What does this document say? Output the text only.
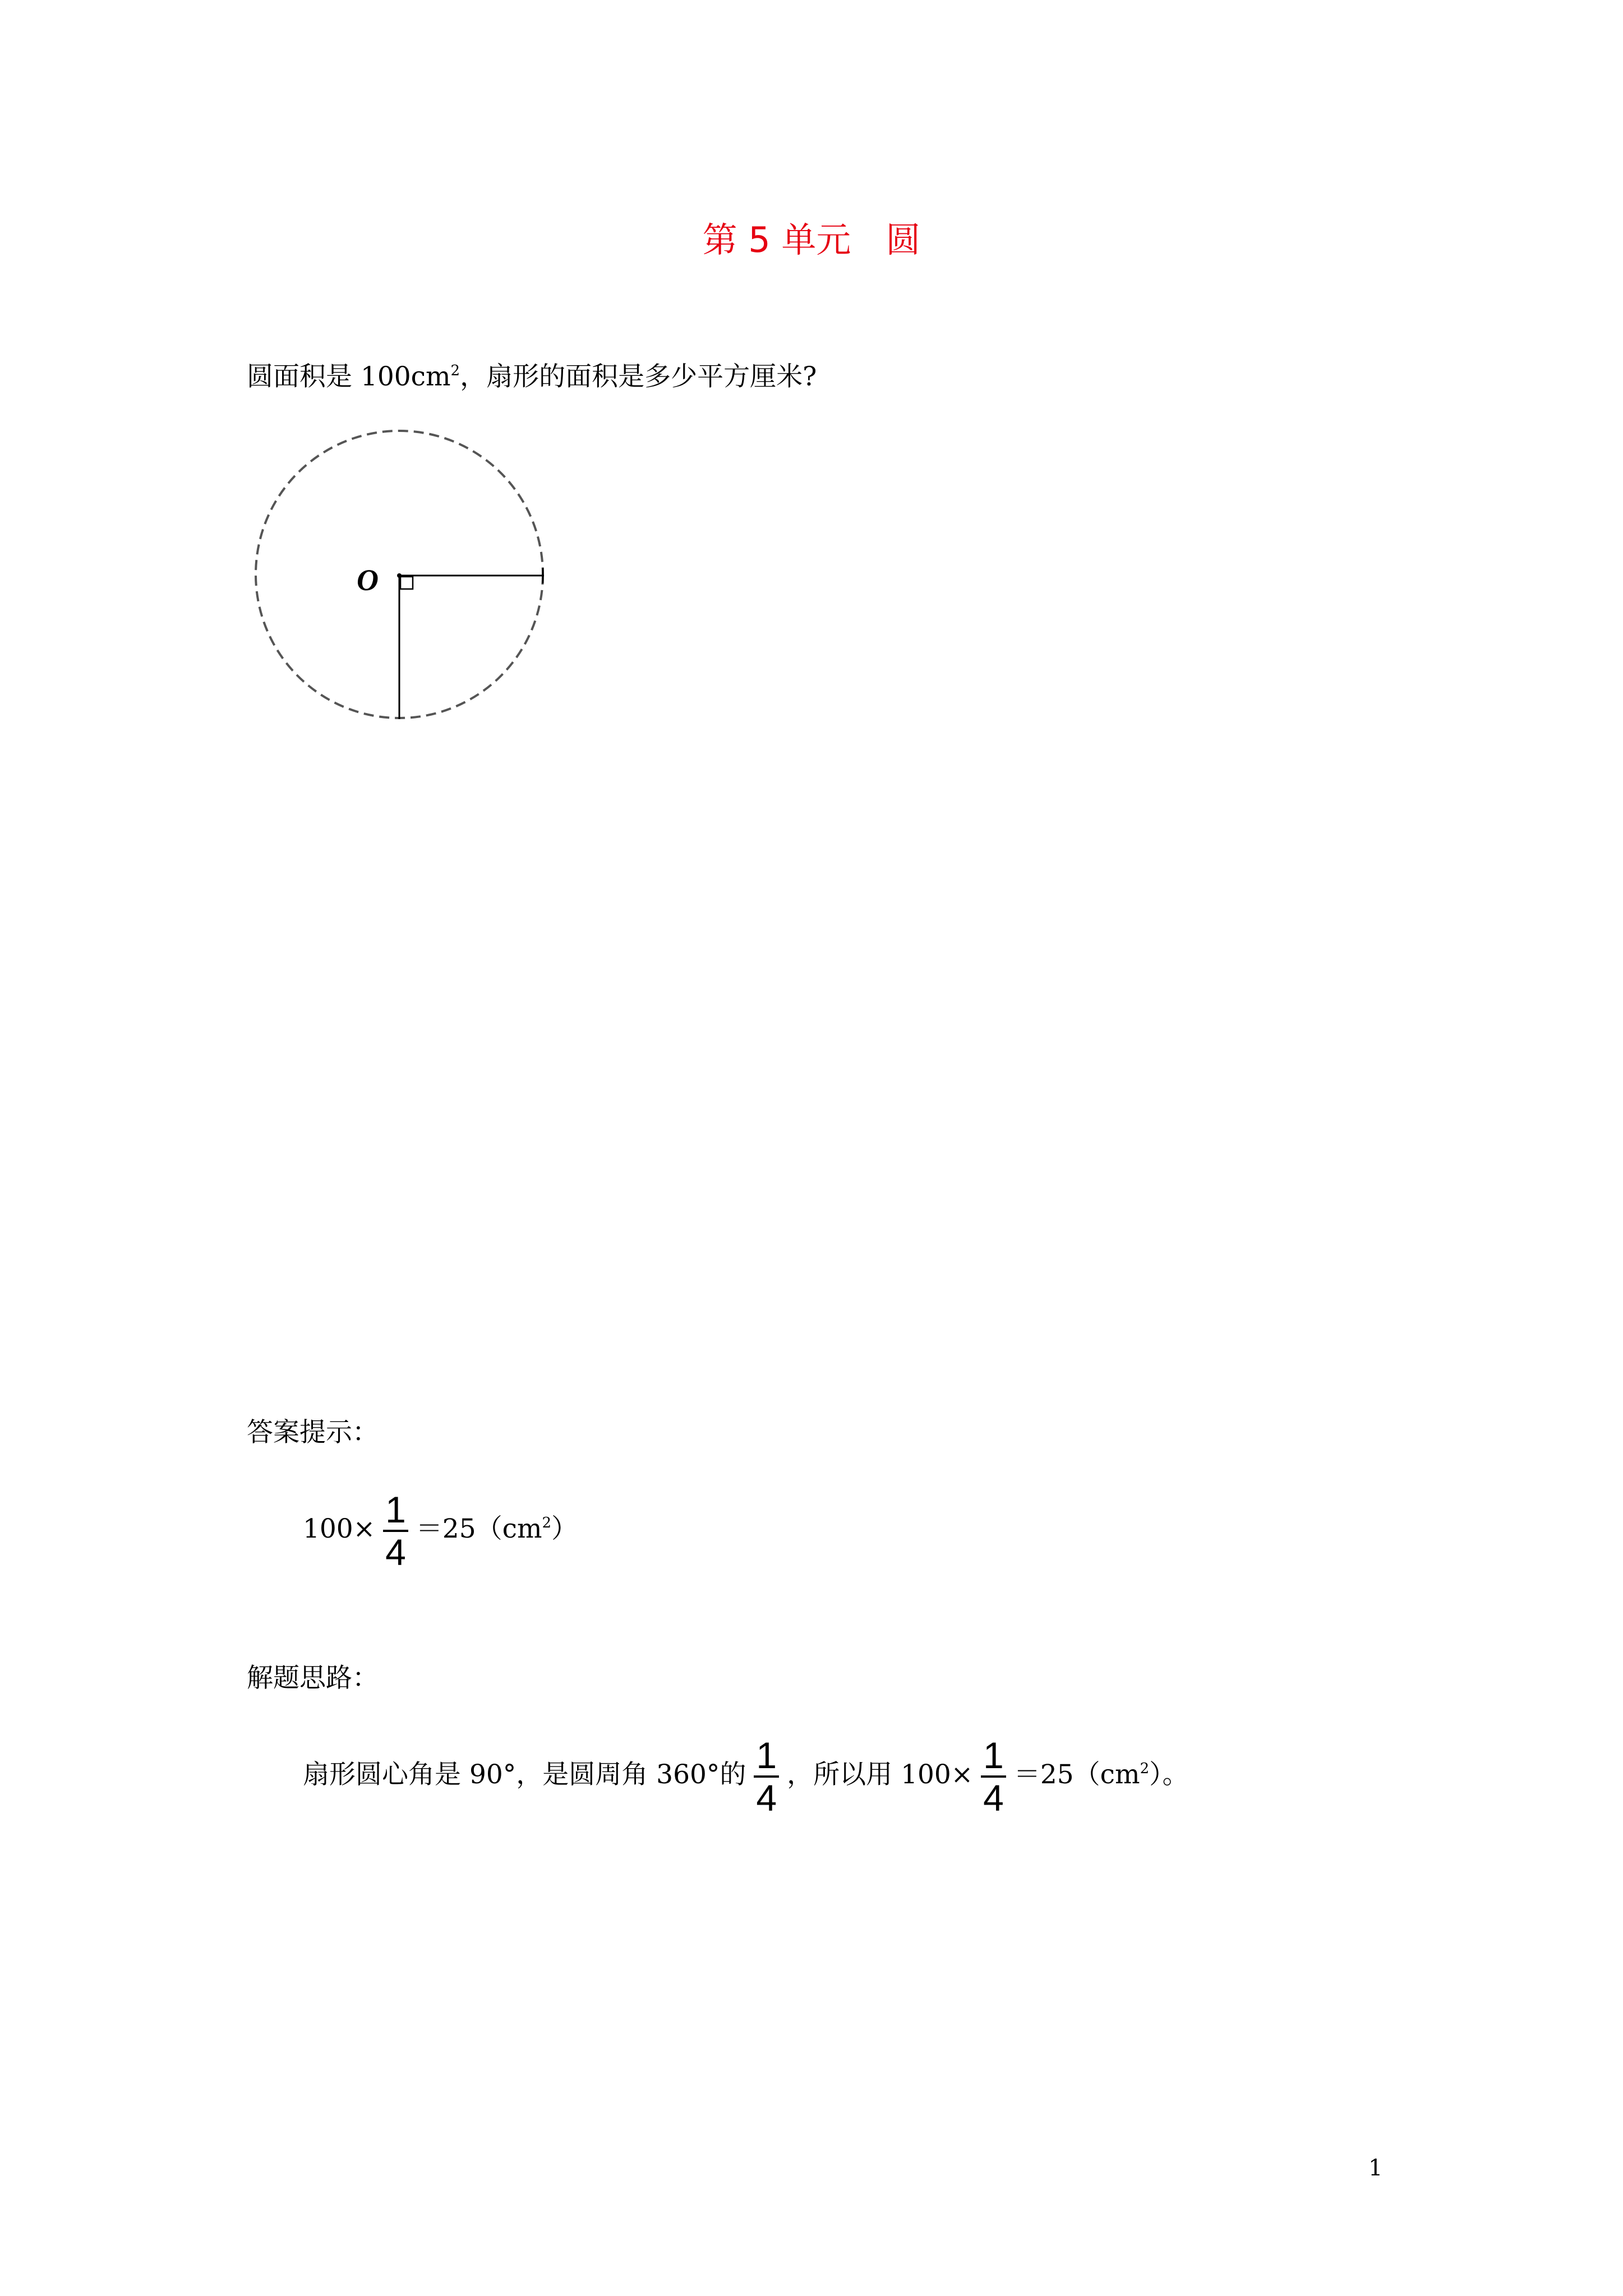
第 5 单元　圆
圆面积是 $100cm^2$，扇形的面积是多少平方厘米?
O
答案提示：
$100\times \frac{1}{4} =25(cm^2)$
解题思路：
扇形圆心角是 90°，是圆周角 360°的 $\frac{1}{4}$ ，所以用 $100\times \frac{1}{4} =25(cm^2)$。
1
